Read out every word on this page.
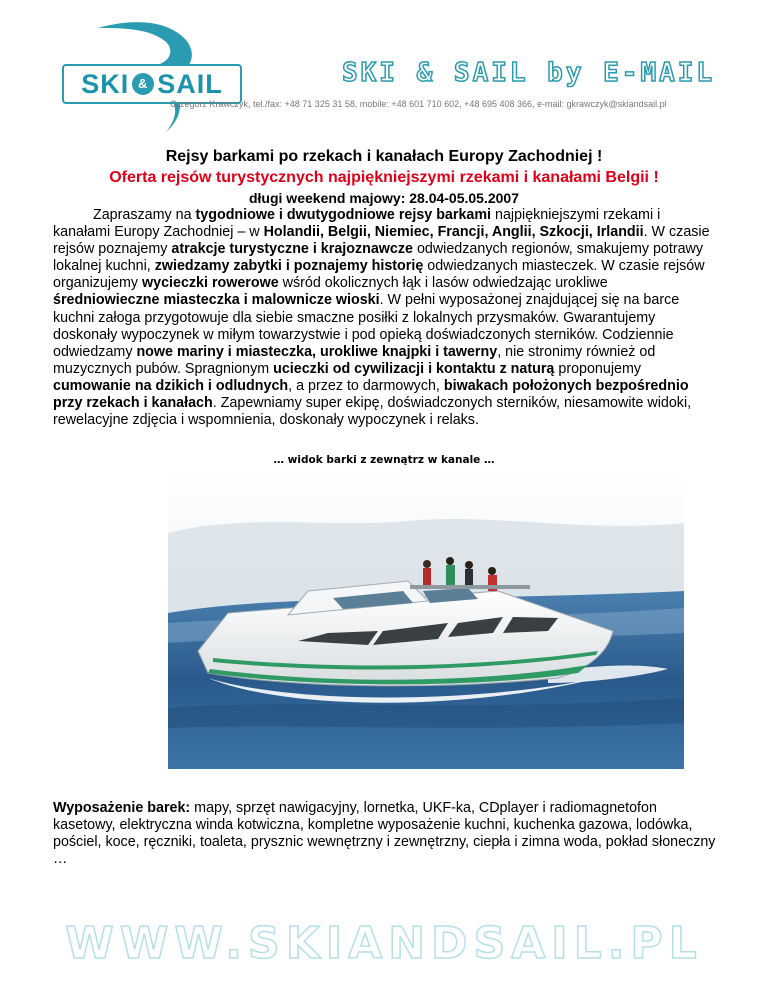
SKI & SAIL	SKI & SAIL by E-MAIL
Grzegorz Krawczyk, tel./fax: +48 71 325 31 58, mobile: +48 601 710 602, +48 695 408 366, e-mail: gkrawczyk@skiandsail.pl
Rejsy barkami po rzekach i kanałach Europy Zachodniej !
Oferta rejsów turystycznych najpiękniejszymi rzekami i kanałami Belgii !
długi weekend majowy: 28.04-05.05.2007
Zapraszamy na tygodniowe i dwutygodniowe rejsy barkami najpiękniejszymi rzekami i kanałami Europy Zachodniej – w Holandii, Belgii, Niemiec, Francji, Anglii, Szkocji, Irlandii. W czasie rejsów poznajemy atrakcje turystyczne i krajoznawcze odwiedzanych regionów, smakujemy potrawy lokalnej kuchni, zwiedzamy zabytki i poznajemy historię odwiedzanych miasteczek. W czasie rejsów organizujemy wycieczki rowerowe wśród okolicznych łąk i lasów odwiedzając urokliwe średniowieczne miasteczka i malownicze wioski. W pełni wyposażonej znajdującej się na barce kuchni załoga przygotowuje dla siebie smaczne posiłki z lokalnych przysmaków. Gwarantujemy doskonały wypoczynek w miłym towarzystwie i pod opieką doświadczonych sterników. Codziennie odwiedzamy nowe mariny i miasteczka, urokliwe knajpki i tawerny, nie stronimy również od muzycznych pubów. Spragnionym ucieczki od cywilizacji i kontaktu z naturą proponujemy cumowanie na dzikich i odludnych, a przez to darmowych, biwakach położonych bezpośrednio przy rzekach i kanałach. Zapewniamy super ekipę, doświadczonych sterników, niesamowite widoki, rewelacyjne zdjęcia i wspomnienia, doskonały wypoczynek i relaks.
… widok barki z zewnątrz w kanale …
Wyposażenie barek: mapy, sprzęt nawigacyjny, lornetka, UKF-ka, CDplayer i radiomagnetofon kasetowy, elektryczna winda kotwiczna, kompletne wyposażenie kuchni, kuchenka gazowa, lodówka, pościel, koce, ręczniki, toaleta, prysznic wewnętrzny i zewnętrzny, ciepła i zimna woda, pokład słoneczny …
WWW.SKIANDSAIL.PL
